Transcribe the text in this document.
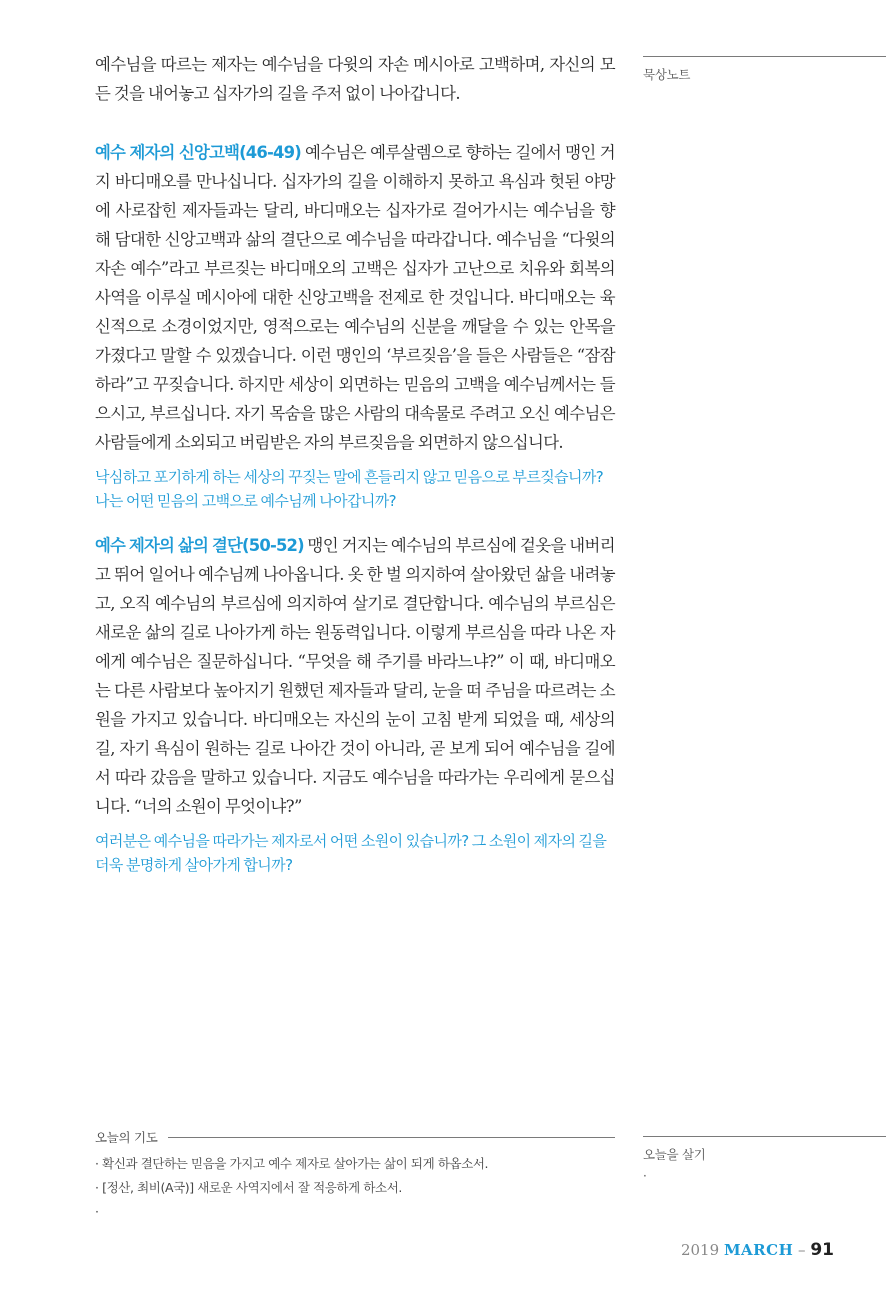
예수님을 따르는 제자는 예수님을 다윗의 자손 메시아로 고백하며, 자신의 모든 것을 내어놓고 십자가의 길을 주저 없이 나아갑니다.

예수 제자의 신앙고백(46-49) 예수님은 예루살렘으로 향하는 길에서 맹인 거지 바디매오를 만나십니다. 십자가의 길을 이해하지 못하고 욕심과 헛된 야망에 사로잡힌 제자들과는 달리, 바디매오는 십자가로 걸어가시는 예수님을 향해 담대한 신앙고백과 삶의 결단으로 예수님을 따라갑니다. 예수님을 “다윗의 자손 예수”라고 부르짖는 바디매오의 고백은 십자가 고난으로 치유와 회복의 사역을 이루실 메시아에 대한 신앙고백을 전제로 한 것입니다. 바디매오는 육신적으로 소경이었지만, 영적으로는 예수님의 신분을 깨달을 수 있는 안목을 가졌다고 말할 수 있겠습니다. 이런 맹인의 ‘부르짖음’을 들은 사람들은 “잠잠하라”고 꾸짖습니다. 하지만 세상이 외면하는 믿음의 고백을 예수님께서는 들으시고, 부르십니다. 자기 목숨을 많은 사람의 대속물로 주려고 오신 예수님은 사람들에게 소외되고 버림받은 자의 부르짖음을 외면하지 않으십니다.

낙심하고 포기하게 하는 세상의 꾸짖는 말에 흔들리지 않고 믿음으로 부르짖습니까? 나는 어떤 믿음의 고백으로 예수님께 나아갑니까?

예수 제자의 삶의 결단(50-52) 맹인 거지는 예수님의 부르심에 겉옷을 내버리고 뛰어 일어나 예수님께 나아옵니다. 옷 한 벌 의지하여 살아왔던 삶을 내려놓고, 오직 예수님의 부르심에 의지하여 살기로 결단합니다. 예수님의 부르심은 새로운 삶의 길로 나아가게 하는 원동력입니다. 이렇게 부르심을 따라 나온 자에게 예수님은 질문하십니다. “무엇을 해 주기를 바라느냐?” 이 때, 바디매오는 다른 사람보다 높아지기 원했던 제자들과 달리, 눈을 떠 주님을 따르려는 소원을 가지고 있습니다. 바디매오는 자신의 눈이 고침 받게 되었을 때, 세상의 길, 자기 욕심이 원하는 길로 나아간 것이 아니라, 곧 보게 되어 예수님을 길에서 따라 갔음을 말하고 있습니다. 지금도 예수님을 따라가는 우리에게 묻으십니다. “너의 소원이 무엇이냐?”

여러분은 예수님을 따라가는 제자로서 어떤 소원이 있습니까? 그 소원이 제자의 길을 더욱 분명하게 살아가게 합니까?

묵상노트
오늘을 살기
·
오늘의 기도
· 확신과 결단하는 믿음을 가지고 예수 제자로 살아가는 삶이 되게 하옵소서.
· [정산, 최비(A국)] 새로운 사역지에서 잘 적응하게 하소서.
·
2019 MARCH – 91
